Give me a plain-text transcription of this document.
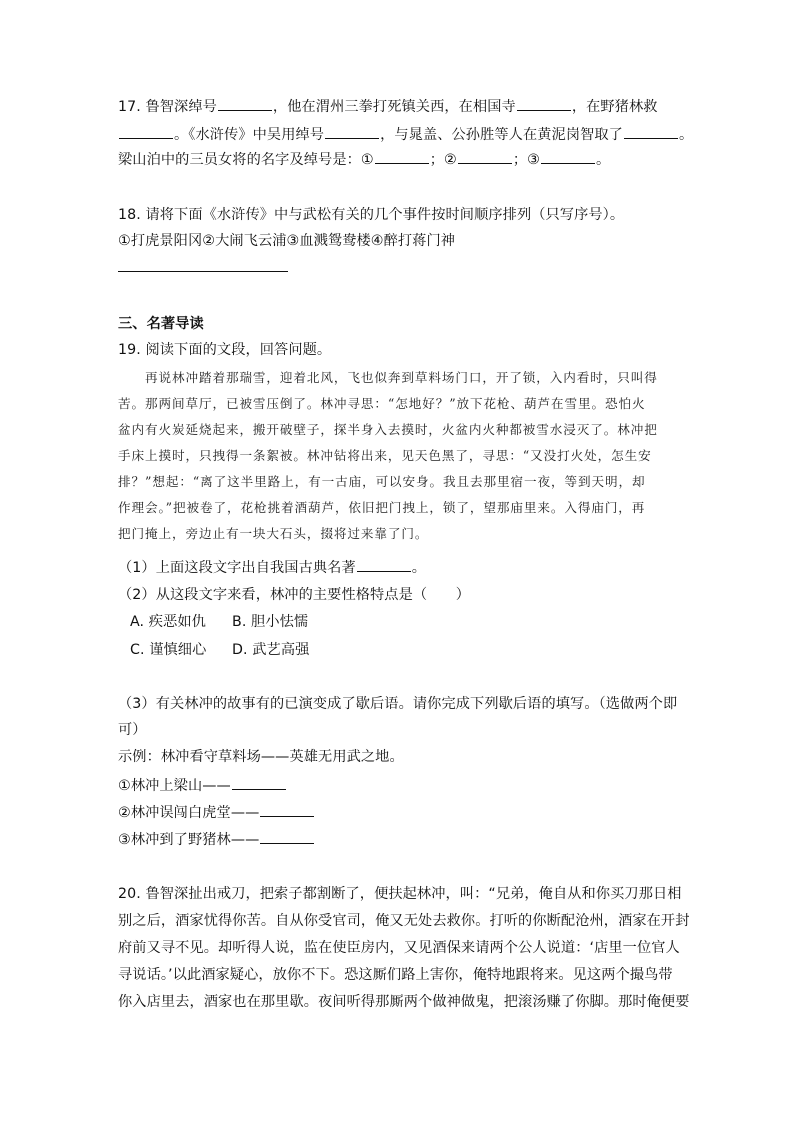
17. 鲁智深绰号	，他在渭州三拳打死镇关西，在相国寺	，在野猪林救
。《水浒传》中吴用绰号	，与晁盖、公孙胜等人在黄泥岗智取了	。
梁山泊中的三员女将的名字及绰号是：①	；②	；③	。
18. 请将下面《水浒传》中与武松有关的几个事件按时间顺序排列（只写序号）。
①打虎景阳冈②大闹飞云浦③血溅鸳鸯楼④醉打蒋门神
三、名著导读
19. 阅读下面的文段，回答问题。
　　再说林冲踏着那瑞雪，迎着北风，飞也似奔到草料场门口，开了锁，入内看时，只叫得
苦。那两间草厅，已被雪压倒了。林冲寻思：“怎地好？”放下花枪、葫芦在雪里。恐怕火
盆内有火炭延烧起来，搬开破壁子，探半身入去摸时，火盆内火种都被雪水浸灭了。林冲把
手床上摸时，只拽得一条絮被。林冲钻将出来，见天色黑了，寻思：“又没打火处，怎生安
排？”想起：“离了这半里路上，有一古庙，可以安身。我且去那里宿一夜，等到天明，却
作理会。”把被卷了，花枪挑着酒葫芦，依旧把门拽上，锁了，望那庙里来。入得庙门，再
把门掩上，旁边止有一块大石头，掇将过来靠了门。
（1）上面这段文字出自我国古典名著	。
（2）从这段文字来看，林冲的主要性格特点是（　　）
A. 疾恶如仇 B. 胆小怯懦
C. 谨慎细心 D. 武艺高强
（3）有关林冲的故事有的已演变成了歇后语。请你完成下列歇后语的填写。（选做两个即
可）
示例：林冲看守草料场——英雄无用武之地。
①林冲上梁山——
②林冲误闯白虎堂——
③林冲到了野猪林——
20. 鲁智深扯出戒刀，把索子都割断了，便扶起林冲，叫：“兄弟，俺自从和你买刀那日相
别之后，酒家忧得你苦。自从你受官司，俺又无处去救你。打听的你断配沧州，酒家在开封
府前又寻不见。却听得人说，监在使臣房内，又见酒保来请两个公人说道：‘店里一位官人
寻说话。’以此酒家疑心，放你不下。恐这厮们路上害你，俺特地跟将来。见这两个撮鸟带
你入店里去，酒家也在那里歇。夜间听得那厮两个做神做鬼，把滚汤赚了你脚。那时俺便要
